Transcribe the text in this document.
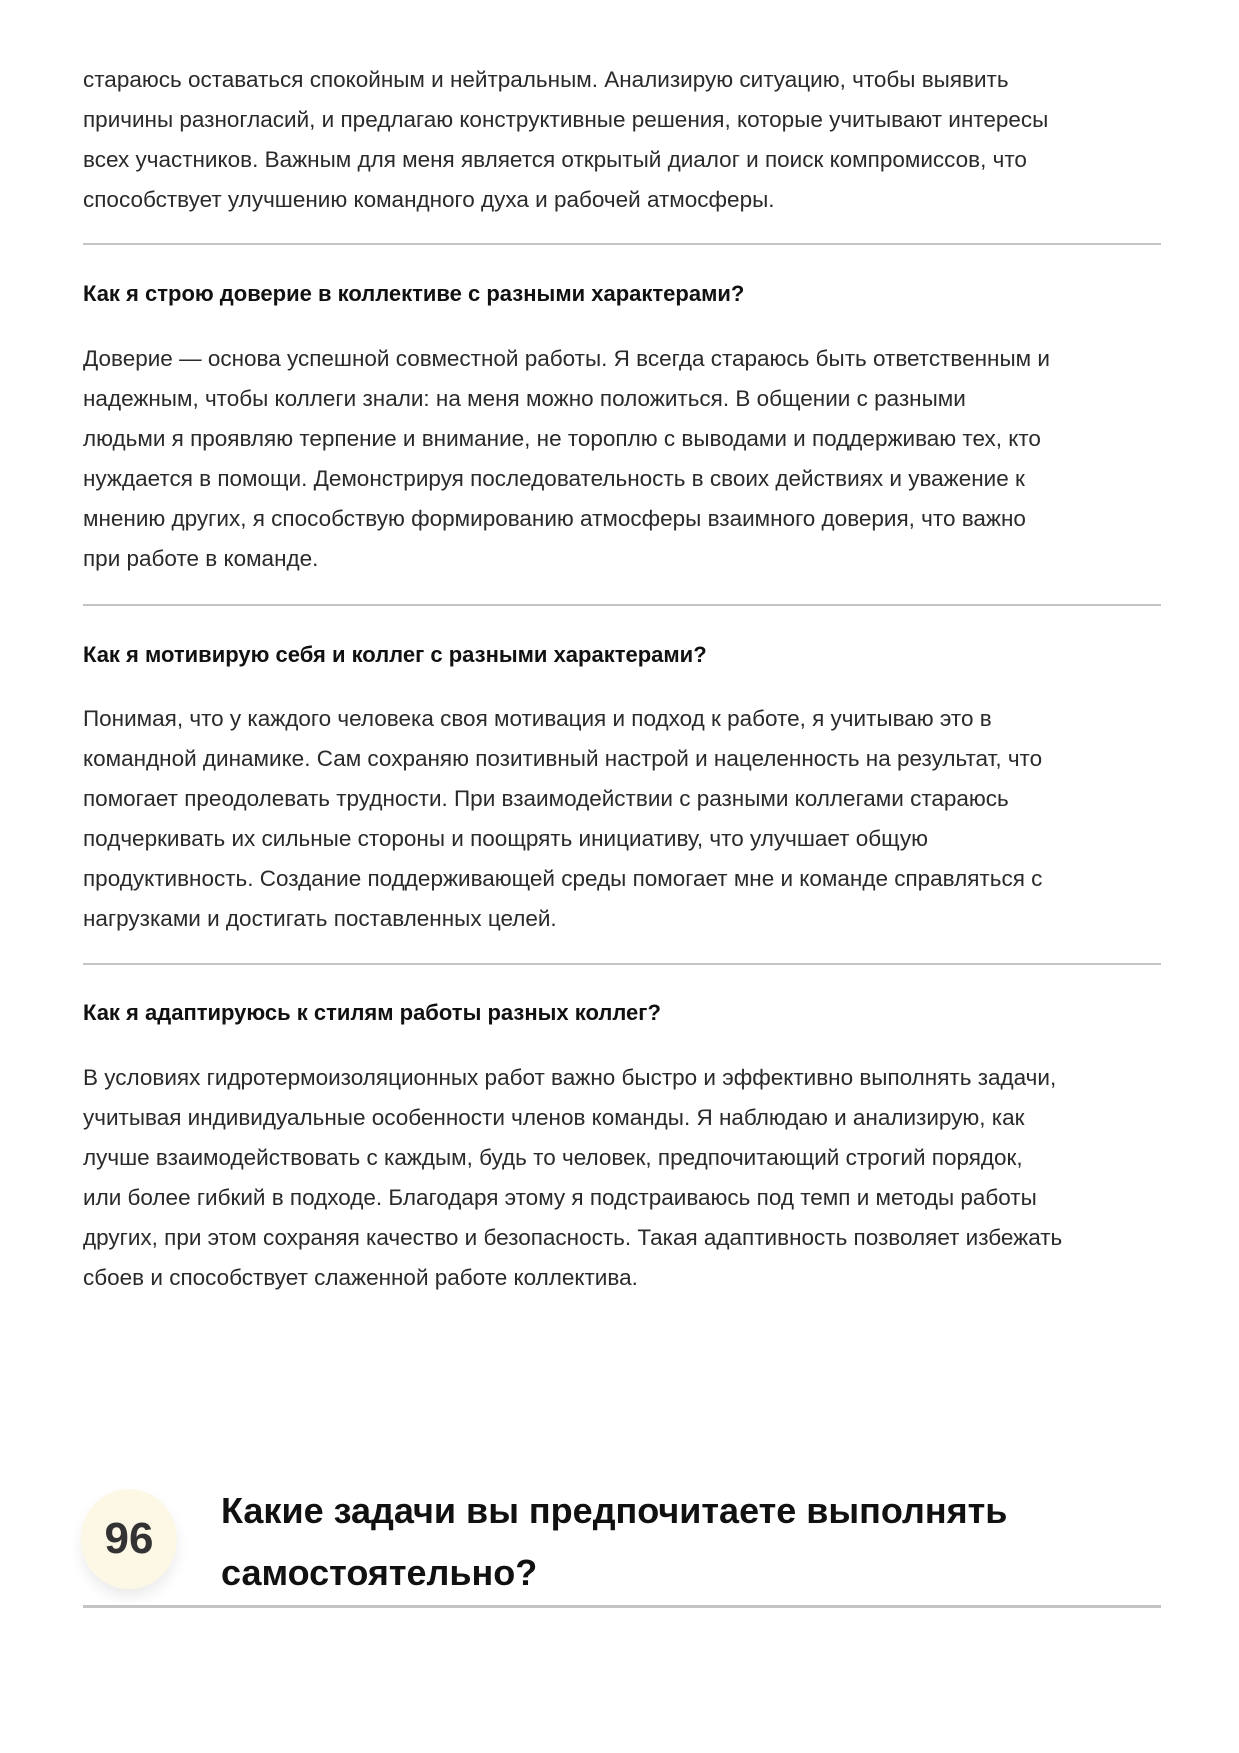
стараюсь оставаться спокойным и нейтральным. Анализирую ситуацию, чтобы выявить
причины разногласий, и предлагаю конструктивные решения, которые учитывают интересы
всех участников. Важным для меня является открытый диалог и поиск компромиссов, что
способствует улучшению командного духа и рабочей атмосферы.
Как я строю доверие в коллективе с разными характерами?
Доверие — основа успешной совместной работы. Я всегда стараюсь быть ответственным и
надежным, чтобы коллеги знали: на меня можно положиться. В общении с разными
людьми я проявляю терпение и внимание, не тороплю с выводами и поддерживаю тех, кто
нуждается в помощи. Демонстрируя последовательность в своих действиях и уважение к
мнению других, я способствую формированию атмосферы взаимного доверия, что важно
при работе в команде.
Как я мотивирую себя и коллег с разными характерами?
Понимая, что у каждого человека своя мотивация и подход к работе, я учитываю это в
командной динамике. Сам сохраняю позитивный настрой и нацеленность на результат, что
помогает преодолевать трудности. При взаимодействии с разными коллегами стараюсь
подчеркивать их сильные стороны и поощрять инициативу, что улучшает общую
продуктивность. Создание поддерживающей среды помогает мне и команде справляться с
нагрузками и достигать поставленных целей.
Как я адаптируюсь к стилям работы разных коллег?
В условиях гидротермоизоляционных работ важно быстро и эффективно выполнять задачи,
учитывая индивидуальные особенности членов команды. Я наблюдаю и анализирую, как
лучше взаимодействовать с каждым, будь то человек, предпочитающий строгий порядок,
или более гибкий в подходе. Благодаря этому я подстраиваюсь под темп и методы работы
других, при этом сохраняя качество и безопасность. Такая адаптивность позволяет избежать
сбоев и способствует слаженной работе коллектива.
96
Какие задачи вы предпочитаете выполнять
самостоятельно?
